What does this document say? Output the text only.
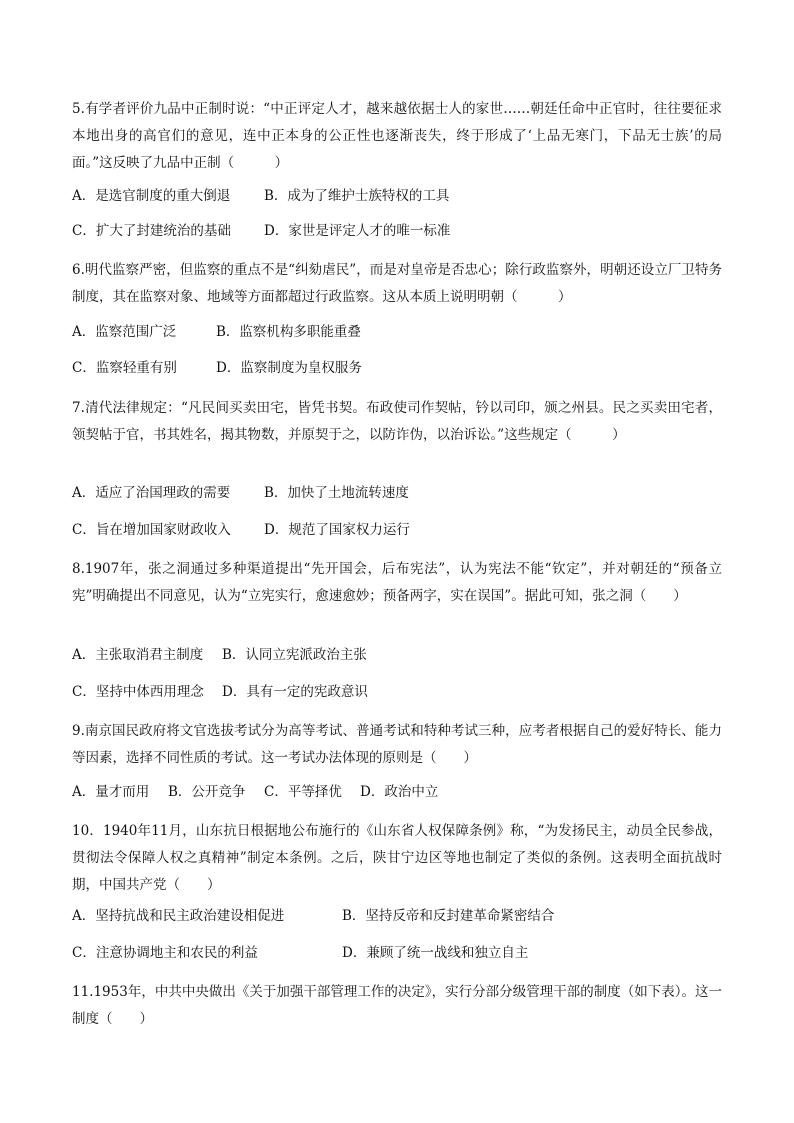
5.有学者评价九品中正制时说：“中正评定人才，越来越依据士人的家世……朝廷任命中正官时，往往要征求本地出身的高官们的意见，连中正本身的公正性也逐渐丧失，终于形成了‘上品无寒门，下品无士族’的局面。”这反映了九品中正制（　　　）

A．是选官制度的重大倒退	B．成为了维护士族特权的工具
C．扩大了封建统治的基础 D．家世是评定人才的唯一标准

6.明代监察严密，但监察的重点不是“纠劾虐民”，而是对皇帝是否忠心；除行政监察外，明朝还设立厂卫特务制度，其在监察对象、地域等方面都超过行政监察。这从本质上说明明朝（　　　）

A．监察范围广泛	B．监察机构多职能重叠
C．监察轻重有别	D．监察制度为皇权服务

7.清代法律规定：“凡民间买卖田宅，皆凭书契。布政使司作契帖，钤以司印，颁之州县。民之买卖田宅者，领契帖于官，书其姓名，揭其物数，并原契于之，以防诈伪，以治诉讼。”这些规定（　　　）

A．适应了治国理政的需要	B．加快了土地流转速度
C．旨在增加国家财政收入 D．规范了国家权力运行

8.1907年，张之洞通过多种渠道提出“先开国会，后布宪法”，认为宪法不能“钦定”，并对朝廷的“预备立宪”明确提出不同意见，认为“立宪实行，愈速愈妙；预备两字，实在误国”。据此可知，张之洞（　　）

A．主张取消君主制度 B．认同立宪派政治主张
C．坚持中体西用理念 D．具有一定的宪政意识

9.南京国民政府将文官选拔考试分为高等考试、普通考试和特种考试三种，应考者根据自己的爱好特长、能力等因素，选择不同性质的考试。这一考试办法体现的原则是（　　）

A．量才而用 B．公开竞争 C．平等择优 D．政治中立

10．1940年11月，山东抗日根据地公布施行的《山东省人权保障条例》称，“为发扬民主，动员全民参战，贯彻法令保障人权之真精神”制定本条例。之后，陕甘宁边区等地也制定了类似的条例。这表明全面抗战时期，中国共产党（　　）

A．坚持抗战和民主政治建设相促进	B．坚持反帝和反封建革命紧密结合
C．注意协调地主和农民的利益	D．兼顾了统一战线和独立自主

11.1953年，中共中央做出《关于加强干部管理工作的决定》，实行分部分级管理干部的制度（如下表）。这一制度（　　）
